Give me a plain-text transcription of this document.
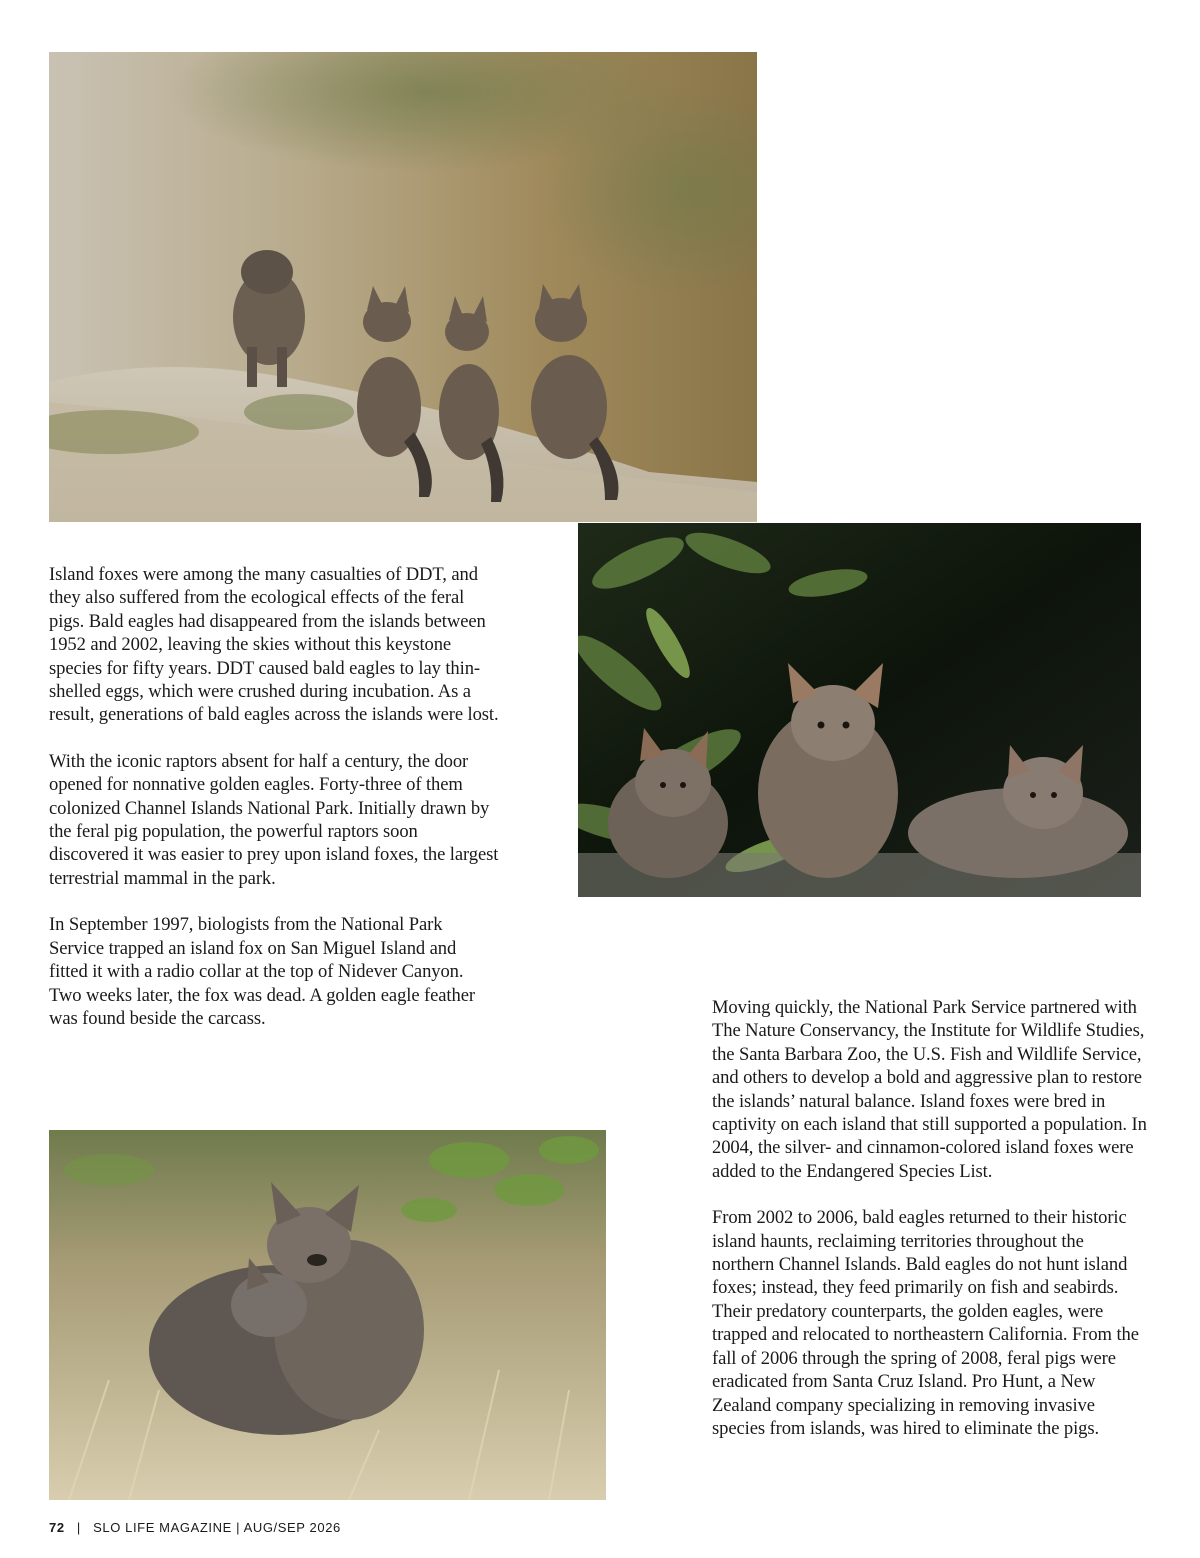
Island foxes were among the many casualties of DDT, and they also suffered from the ecological effects of the feral pigs. Bald eagles had disappeared from the islands between 1952 and 2002, leaving the skies without this keystone species for fifty years. DDT caused bald eagles to lay thin-shelled eggs, which were crushed during incubation. As a result, generations of bald eagles across the islands were lost.

With the iconic raptors absent for half a century, the door opened for nonnative golden eagles. Forty-three of them colonized Channel Islands National Park. Initially drawn by the feral pig population, the powerful raptors soon discovered it was easier to prey upon island foxes, the largest terrestrial mammal in the park.

In September 1997, biologists from the National Park Service trapped an island fox on San Miguel Island and fitted it with a radio collar at the top of Nidever Canyon. Two weeks later, the fox was dead. A golden eagle feather was found beside the carcass.

Moving quickly, the National Park Service partnered with The Nature Conservancy, the Institute for Wildlife Studies, the Santa Barbara Zoo, the U.S. Fish and Wildlife Service, and others to develop a bold and aggressive plan to restore the islands’ natural balance. Island foxes were bred in captivity on each island that still supported a population. In 2004, the silver- and cinnamon-colored island foxes were added to the Endangered Species List.

From 2002 to 2006, bald eagles returned to their historic island haunts, reclaiming territories throughout the northern Channel Islands. Bald eagles do not hunt island foxes; instead, they feed primarily on fish and seabirds. Their predatory counterparts, the golden eagles, were trapped and relocated to northeastern California. From the fall of 2006 through the spring of 2008, feral pigs were eradicated from Santa Cruz Island. Pro Hunt, a New Zealand company specializing in removing invasive species from islands, was hired to eliminate the pigs.

72 | SLO LIFE MAGAZINE | AUG/SEP 2026
